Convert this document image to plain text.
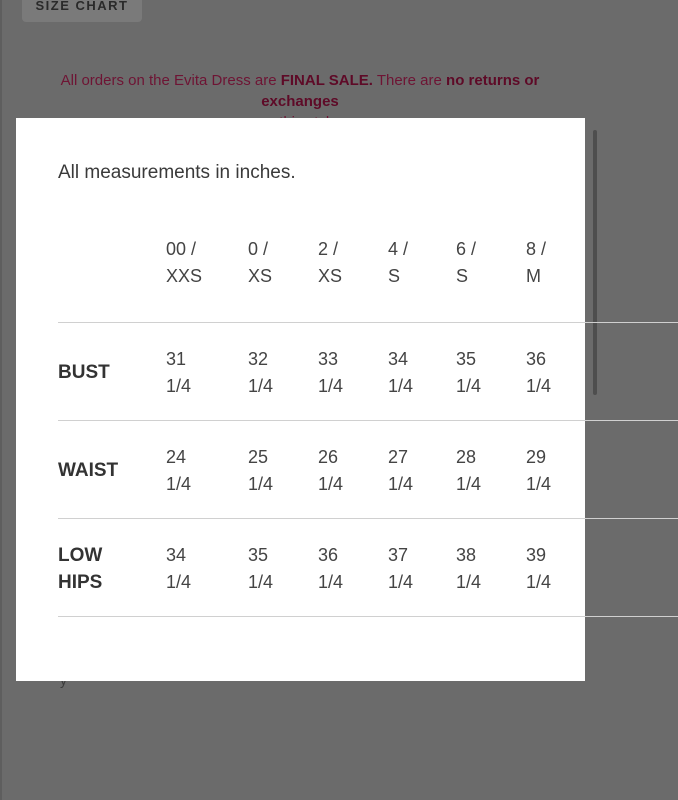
SIZE CHART
All orders on the Evita Dress are FINAL SALE. There are no returns or exchanges

All measurements in inches.
00 /
XXS
0 /
XS
2 /
XS
4 /
S
6 /
S
8 /
M
BUST
31
1/4
32
1/4
33
1/4
34
1/4
35
1/4
36
1/4
WAIST
24
1/4
25
1/4
26
1/4
27
1/4
28
1/4
29
1/4
LOW
HIPS
34
1/4
35
1/4
36
1/4
37
1/4
38
1/4
39
1/4
